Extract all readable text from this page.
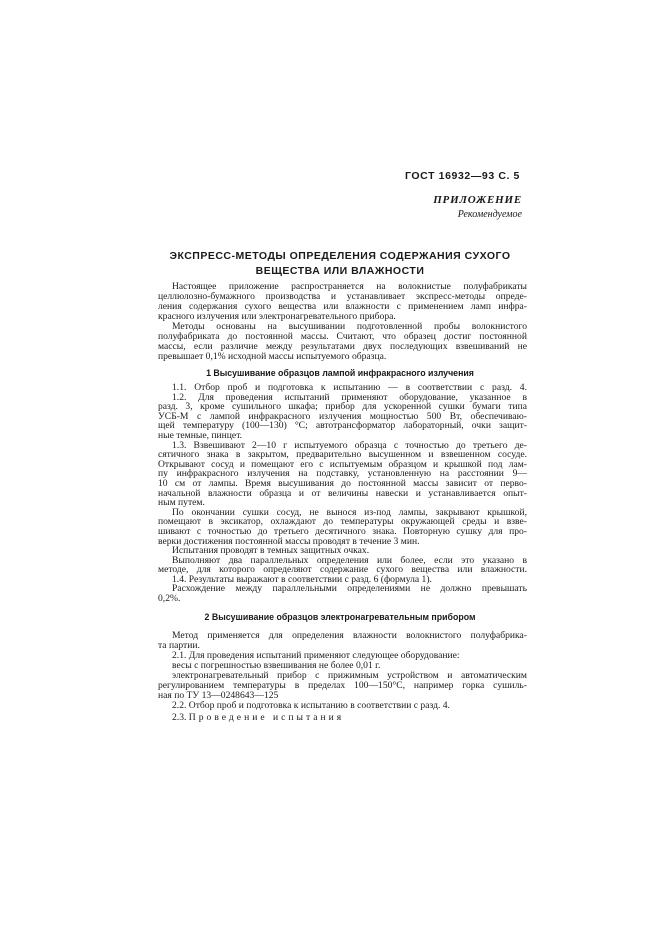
ГОСТ 16932—93 С. 5
ПРИЛОЖЕНИЕ
Рекомендуемое
ЭКСПРЕСС-МЕТОДЫ ОПРЕДЕЛЕНИЯ СОДЕРЖАНИЯ СУХОГО
ВЕЩЕСТВА ИЛИ ВЛАЖНОСТИ
Настоящее приложение распространяется на волокнистые полуфабрикаты
целлюлозно-бумажного производства и устанавливает экспресс-методы опреде-
ления содержания сухого вещества или влажности с применением ламп инфра-
красного излучения или электронагревательного прибора.
Методы основаны на высушивании подготовленной пробы волокнистого
полуфабриката до постоянной массы. Считают, что образец достиг постоянной
массы, если различие между результатами двух последующих взвешиваний не
превышает 0,1% исходной массы испытуемого образца.
1 Высушивание образцов лампой инфракрасного излучения
1.1. Отбор проб и подготовка к испытанию — в соответствии с разд. 4.
1.2. Для проведения испытаний применяют оборудование, указанное в
разд. 3, кроме сушильного шкафа; прибор для ускоренной сушки бумаги типа
УСБ-М с лампой инфракрасного излучения мощностью 500 Вт, обеспечиваю-
щей температуру (100—130) °С; автотрансформатор лабораторный, очки защит-
ные темные, пинцет.
1.3. Взвешивают 2—10 г испытуемого образца с точностью до третьего де-
сятичного знака в закрытом, предварительно высушенном и взвешенном сосуде.
Открывают сосуд и помещают его с испытуемым образцом и крышкой под лам-
пу инфракрасного излучения на подставку, установленную на расстоянии 9—
10 см от лампы. Время высушивания до постоянной массы зависит от перво-
начальной влажности образца и от величины навески и устанавливается опыт-
ным путем.
По окончании сушки сосуд, не вынося из-под лампы, закрывают крышкой,
помещают в эксикатор, охлаждают до температуры окружающей среды и взве-
шивают с точностью до третьего десятичного знака. Повторную сушку для про-
верки достижения постоянной массы проводят в течение 3 мин.
Испытания проводят в темных защитных очках.
Выполняют два параллельных определения или более, если это указано в
методе, для которого определяют содержание сухого вещества или влажности.
1.4. Результаты выражают в соответствии с разд. 6 (формула 1).
Расхождение между параллельными определениями не должно превышать
0,2%.
2 Высушивание образцов электронагревательным прибором
Метод применяется для определения влажности волокнистого полуфабрика-
та партии.
2.1. Для проведения испытаний применяют следующее оборудование:
весы с погрешностью взвешивания не более 0,01 г.
электронагревательный прибор с прижимным устройством и автоматическим
регулированием температуры в пределах 100—150°С, например горка сушиль-
ная по ТУ 13—0248643—125
2.2. Отбор проб и подготовка к испытанию в соответствии с разд. 4.
2.3. Проведение испытания
